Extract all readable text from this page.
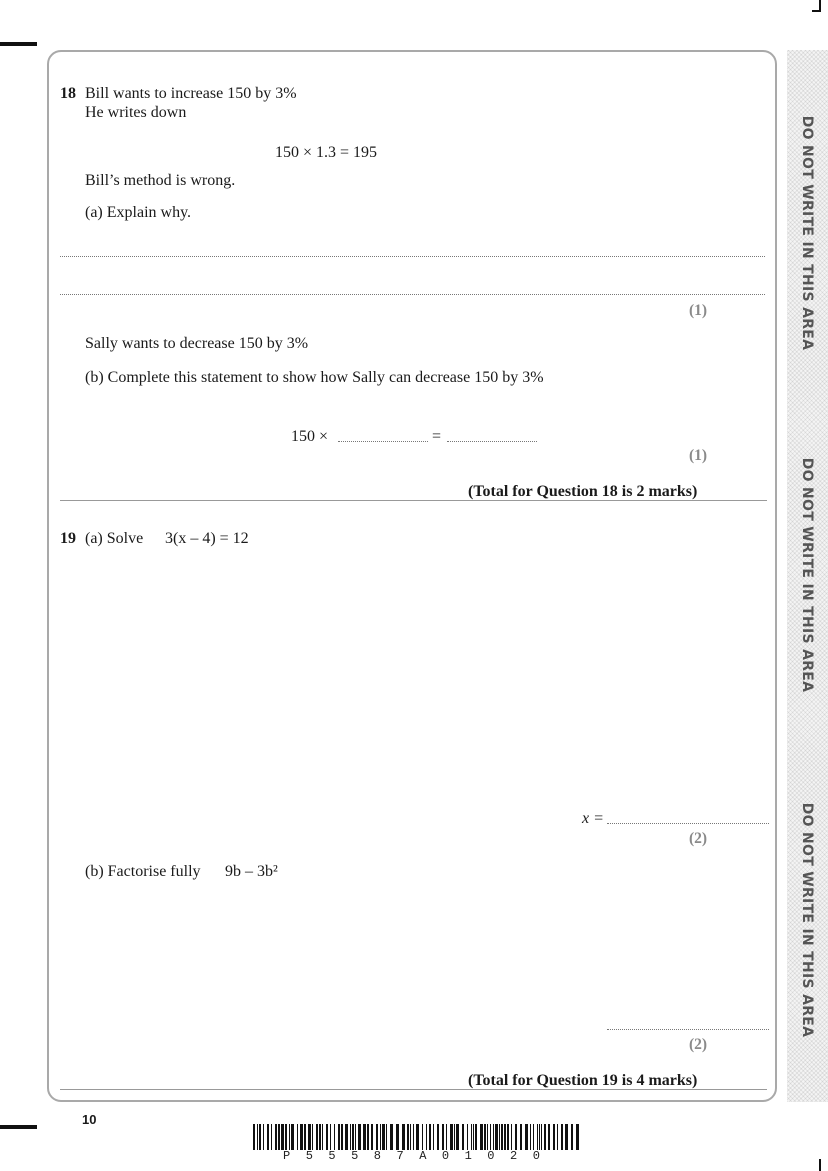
DO NOT WRITE IN THIS AREA
DO NOT WRITE IN THIS AREA
DO NOT WRITE IN THIS AREA
18 Bill wants to increase 150 by 3%
He writes down
150 × 1.3 = 195
Bill’s method is wrong.
(a) Explain why.
(1)
Sally wants to decrease 150 by 3%
(b) Complete this statement to show how Sally can decrease 150 by 3%
150 ×	=
(1)
(Total for Question 18 is 2 marks)
19 (a) Solve 3(x – 4) = 12
x =
(2)
(b) Factorise fully 9b – 3b²
(2)
(Total for Question 19 is 4 marks)
10
P 5 5 5 8 7 A 0 1 0 2 0
